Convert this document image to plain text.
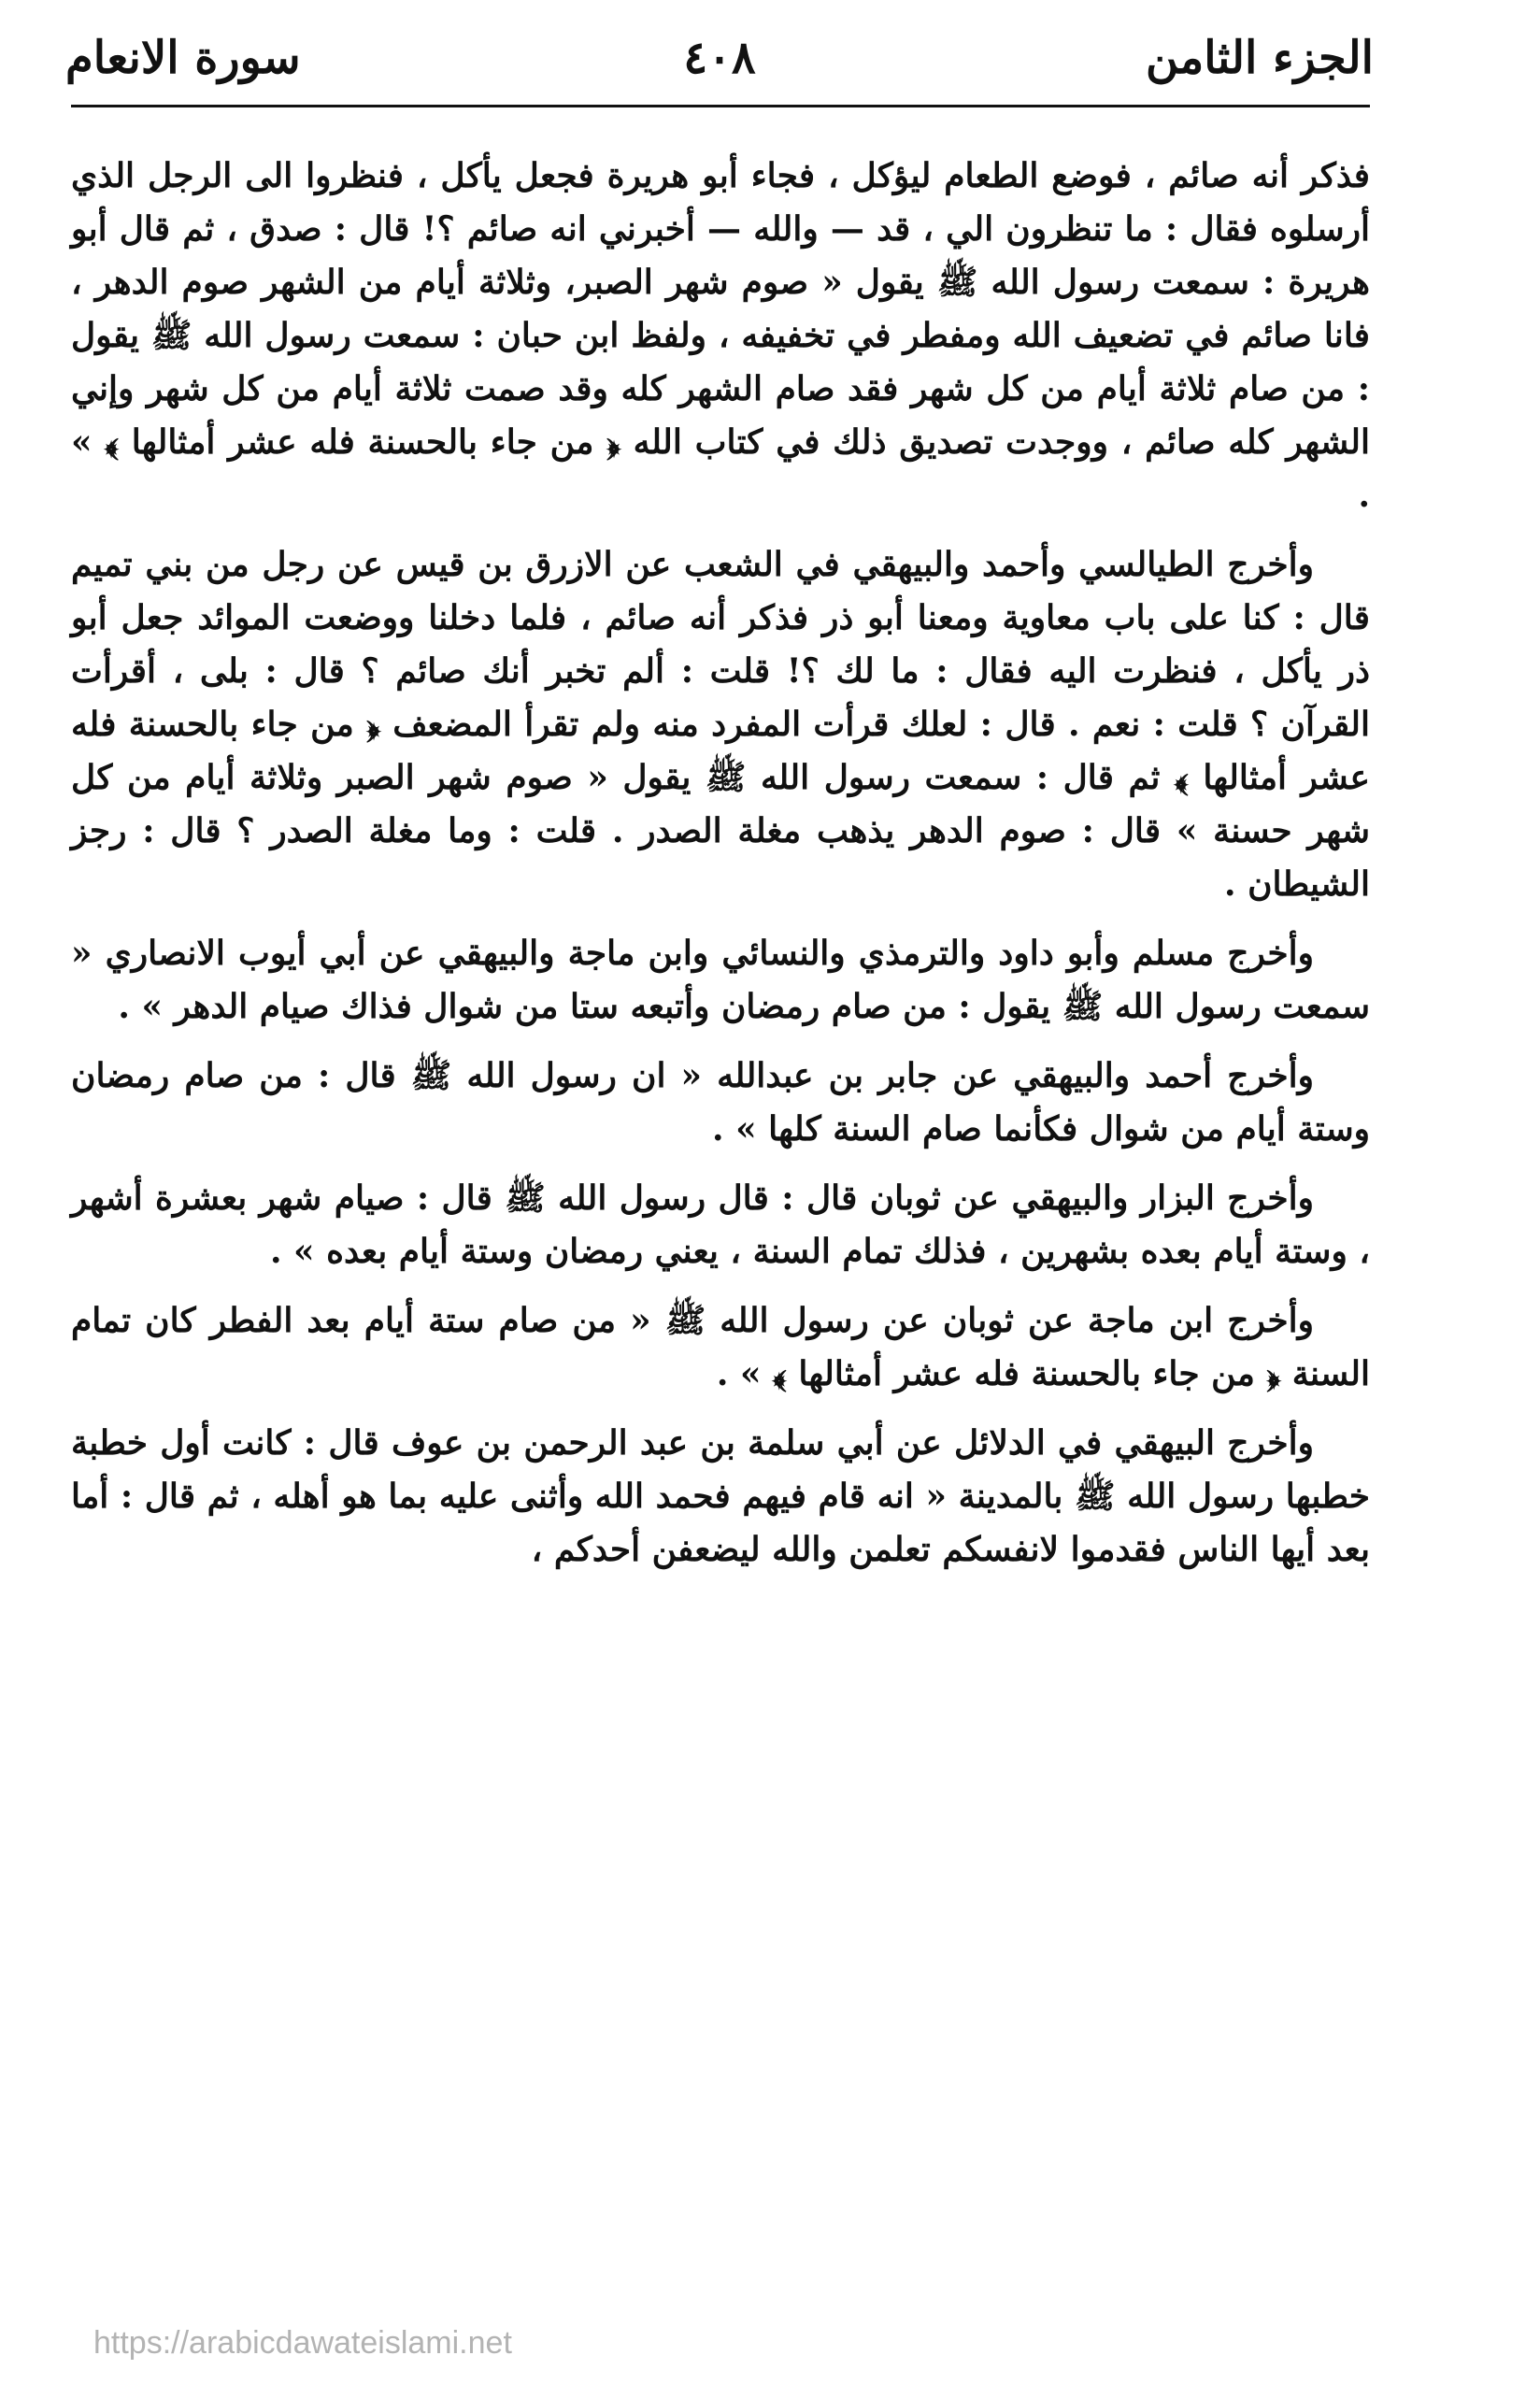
الجزء الثامن
٤٠٨
سورة الانعام

فذكر أنه صائم ، فوضع الطعام ليؤكل ، فجاء أبو هريرة فجعل يأكل ، فنظروا الى الرجل الذي أرسلوه فقال : ما تنظرون الي ، قد — والله — أخبرني انه صائم ؟! قال : صدق ، ثم قال أبو هريرة : سمعت رسول الله ﷺ يقول « صوم شهر الصبر، وثلاثة أيام من الشهر صوم الدهر ، فانا صائم في تضعيف الله ومفطر في تخفيفه ، ولفظ ابن حبان : سمعت رسول الله ﷺ يقول : من صام ثلاثة أيام من كل شهر فقد صام الشهر كله وقد صمت ثلاثة أيام من كل شهر وإني الشهر كله صائم ، ووجدت تصديق ذلك في كتاب الله ﴿ من جاء بالحسنة فله عشر أمثالها ﴾ » .

وأخرج الطيالسي وأحمد والبيهقي في الشعب عن الازرق بن قيس عن رجل من بني تميم قال : كنا على باب معاوية ومعنا أبو ذر فذكر أنه صائم ، فلما دخلنا ووضعت الموائد جعل أبو ذر يأكل ، فنظرت اليه فقال : ما لك ؟! قلت : ألم تخبر أنك صائم ؟ قال : بلى ، أقرأت القرآن ؟ قلت : نعم . قال : لعلك قرأت المفرد منه ولم تقرأ المضعف ﴿ من جاء بالحسنة فله عشر أمثالها ﴾ ثم قال : سمعت رسول الله ﷺ يقول « صوم شهر الصبر وثلاثة أيام من كل شهر حسنة » قال : صوم الدهر يذهب مغلة الصدر . قلت : وما مغلة الصدر ؟ قال : رجز الشيطان .

وأخرج مسلم وأبو داود والترمذي والنسائي وابن ماجة والبيهقي عن أبي أيوب الانصاري « سمعت رسول الله ﷺ يقول : من صام رمضان وأتبعه ستا من شوال فذاك صيام الدهر » .

وأخرج أحمد والبيهقي عن جابر بن عبدالله « ان رسول الله ﷺ قال : من صام رمضان وستة أيام من شوال فكأنما صام السنة كلها » .

وأخرج البزار والبيهقي عن ثوبان قال : قال رسول الله ﷺ قال : صيام شهر بعشرة أشهر ، وستة أيام بعده بشهرين ، فذلك تمام السنة ، يعني رمضان وستة أيام بعده » .

وأخرج ابن ماجة عن ثوبان عن رسول الله ﷺ « من صام ستة أيام بعد الفطر كان تمام السنة ﴿ من جاء بالحسنة فله عشر أمثالها ﴾ » .

وأخرج البيهقي في الدلائل عن أبي سلمة بن عبد الرحمن بن عوف قال : كانت أول خطبة خطبها رسول الله ﷺ بالمدينة « انه قام فيهم فحمد الله وأثنى عليه بما هو أهله ، ثم قال : أما بعد أيها الناس فقدموا لانفسكم تعلمن والله ليضعفن أحدكم ،

https://arabicdawateislami.net
